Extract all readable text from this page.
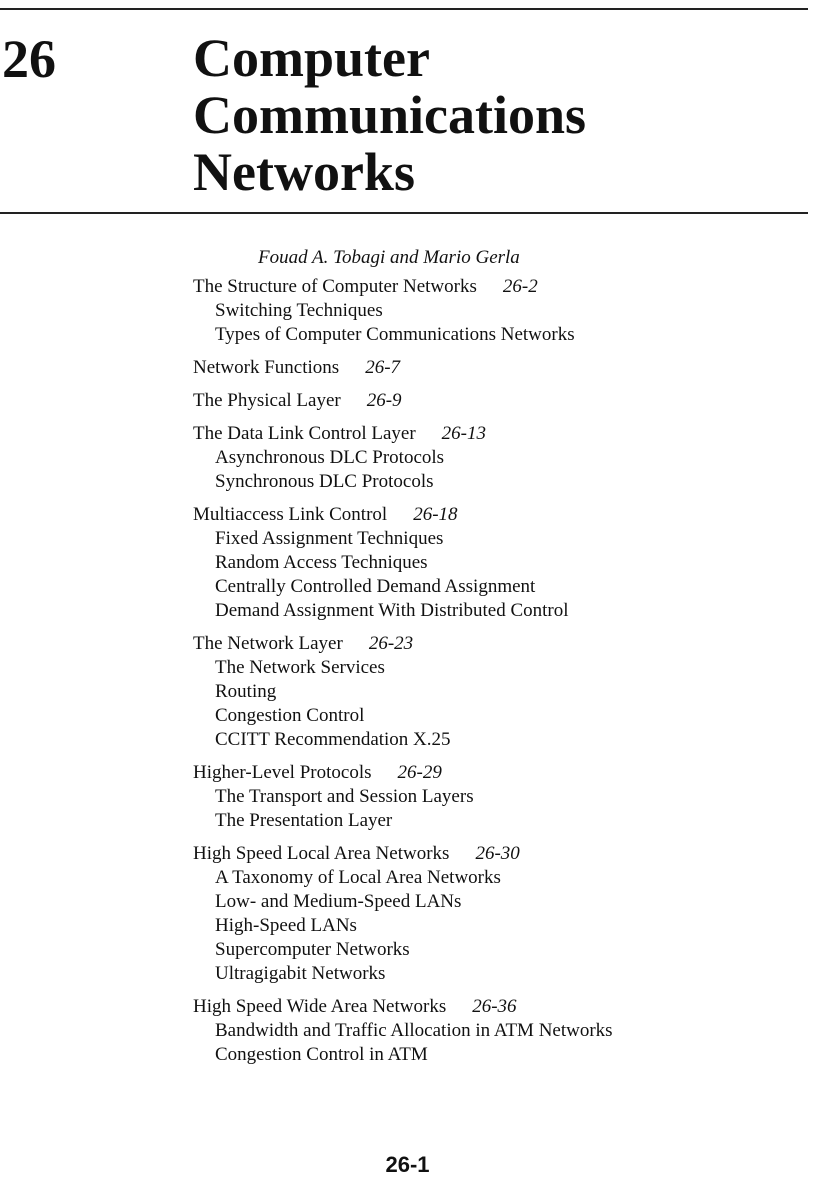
26	Computer
Communications
Networks
Fouad A. Tobagi and Mario Gerla
The Structure of Computer Networks 26-2
Switching Techniques
Types of Computer Communications Networks
Network Functions 26-7
The Physical Layer 26-9
The Data Link Control Layer 26-13
Asynchronous DLC Protocols
Synchronous DLC Protocols
Multiaccess Link Control 26-18
Fixed Assignment Techniques
Random Access Techniques
Centrally Controlled Demand Assignment
Demand Assignment With Distributed Control
The Network Layer 26-23
The Network Services
Routing
Congestion Control
CCITT Recommendation X.25
Higher-Level Protocols 26-29
The Transport and Session Layers
The Presentation Layer
High Speed Local Area Networks 26-30
A Taxonomy of Local Area Networks
Low- and Medium-Speed LANs
High-Speed LANs
Supercomputer Networks
Ultragigabit Networks
High Speed Wide Area Networks 26-36
Bandwidth and Traffic Allocation in ATM Networks
Congestion Control in ATM
26-1
